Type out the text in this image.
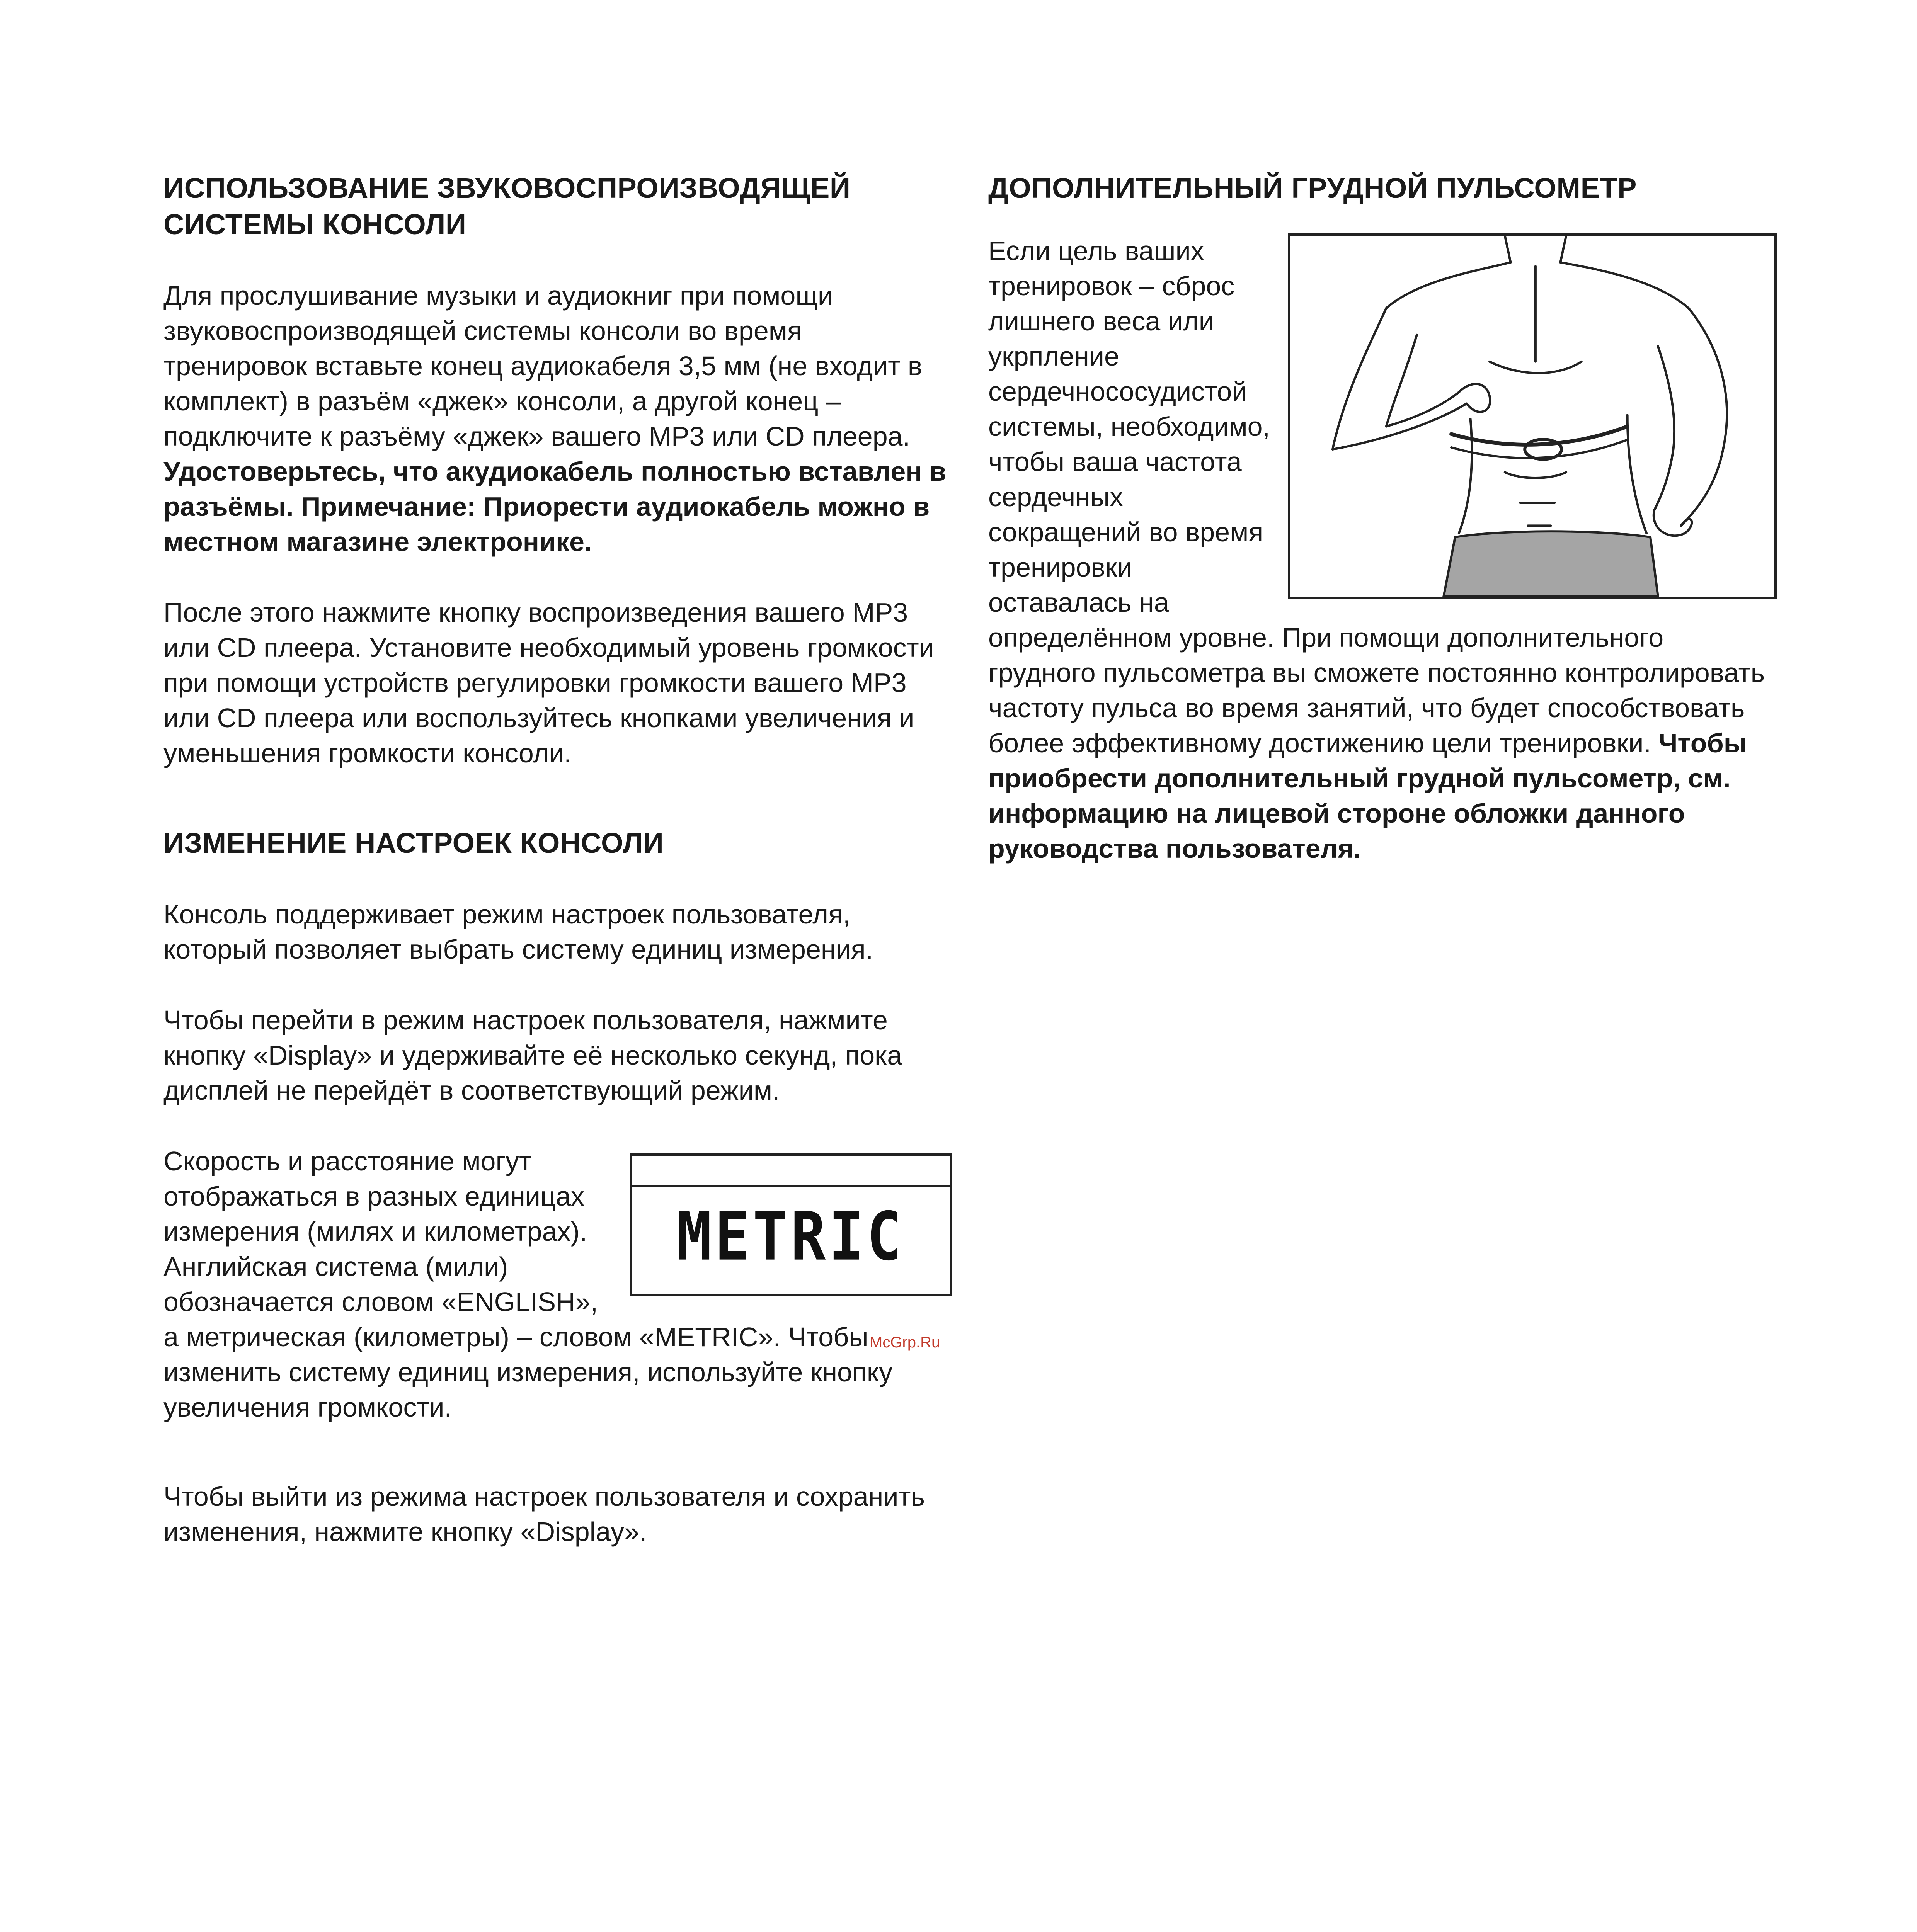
ИСПОЛЬЗОВАНИЕ ЗВУКОВОСПРОИЗВОДЯЩЕЙ СИСТЕМЫ КОНСОЛИ

Для прослушивание музыки и аудиокниг при помощи звуковоспроизводящей системы консоли во время тренировок вставьте конец аудиокабеля 3,5 мм (не входит в комплект) в разъём «джек» консоли, а другой конец – подключите к разъёму «джек» вашего MP3 или CD плеера. Удостоверьтесь, что акудиокабель полностью вставлен в разъёмы. Примечание: Приорести аудиокабель можно в местном магазине электронике.

После этого нажмите кнопку воспроизведения вашего MP3 или CD плеера. Установите необходимый уровень громкости при помощи устройств регулировки громкости вашего MP3 или CD плеера или воспользуйтесь кнопками увеличения и уменьшения громкости консоли.

ИЗМЕНЕНИЕ НАСТРОЕК КОНСОЛИ

Консоль поддерживает режим настроек пользователя, который позволяет выбрать систему единиц измерения.

Чтобы перейти в режим настроек пользователя, нажмите кнопку «Display» и удерживайте её несколько секунд, пока дисплей не перейдёт в соответствующий режим.

METRIC

Скорость и расстояние могут отображаться в разных единицах измерения (милях и километрах). Английская система (мили) обозначается словом «ENGLISH», а метрическая (километры) – словом «METRIC». Чтобы изменить систему единиц измерения, используйте кнопку увеличения громкости.

Чтобы выйти из режима настроек пользователя и сохранить изменения, нажмите кнопку «Display».

ДОПОЛНИТЕЛЬНЫЙ ГРУДНОЙ ПУЛЬСОМЕТР

Если цель ваших тренировок – сброс лишнего веса или укрпление сердечнососудистой системы, необходимо, чтобы ваша частота сердечных сокращений во время тренировки оставалась на определённом уровне. При помощи дополнительного грудного пульсометра вы сможете постоянно контролировать частоту пульса во время занятий, что будет способствовать более эффективному достижению цели тренировки. Чтобы приобрести дополнительный грудной пульсометр, см. информацию на лицевой стороне обложки данного руководства пользователя.

McGrp.Ru
